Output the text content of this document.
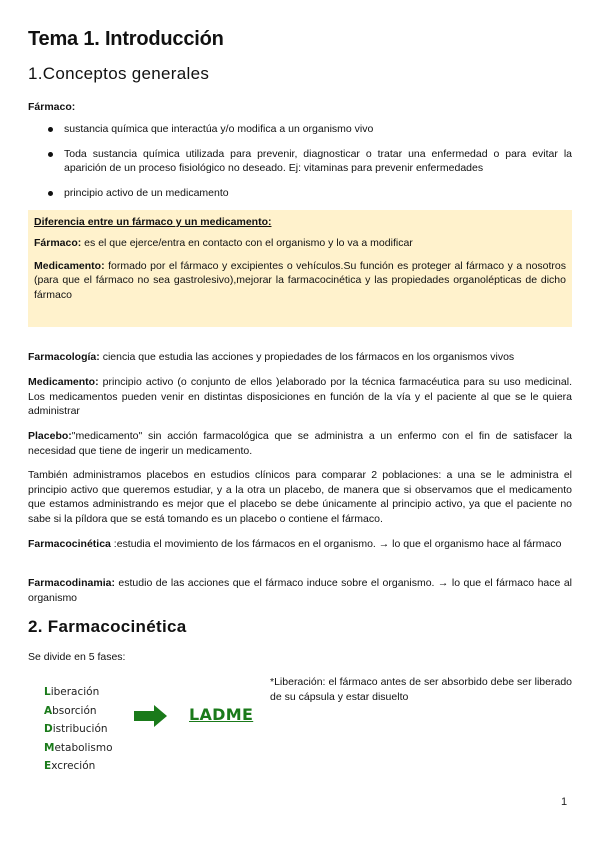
Tema 1. Introducción
1.Conceptos generales
Fármaco:
sustancia química que interactúa y/o modifica a un organismo vivo
Toda sustancia química utilizada para prevenir, diagnosticar o tratar una enfermedad o para evitar la aparición de un proceso fisiológico no deseado. Ej: vitaminas para prevenir enfermedades
principio activo de un medicamento
Diferencia entre un fármaco y un medicamento:
Fármaco: es el que ejerce/entra en contacto con el organismo y lo va a modificar
Medicamento: formado por el fármaco y excipientes o vehículos.Su función es proteger al fármaco y a nosotros (para que el fármaco no sea gastrolesivo),mejorar la farmacocinética y las propiedades organolépticas de dicho fármaco
Farmacología: ciencia que estudia las acciones y propiedades de los fármacos en los organismos vivos
Medicamento: principio activo (o conjunto de ellos )elaborado por la técnica farmacéutica para su uso medicinal. Los medicamentos pueden venir en distintas disposiciones en función de la vía y el paciente al que se le quiera administrar
Placebo:"medicamento" sin acción farmacológica que se administra a un enfermo con el fin de satisfacer la necesidad que tiene de ingerir un medicamento.
También administramos placebos en estudios clínicos para comparar 2 poblaciones: a una se le administra el principio activo que queremos estudiar, y a la otra un placebo, de manera que si observamos que el medicamento que estamos administrando es mejor que el placebo se debe únicamente al principio activo, ya que el paciente no sabe si la píldora que se está tomando es un placebo o contiene el fármaco.
Farmacocinética :estudia el movimiento de los fármacos en el organismo. → lo que el organismo hace al fármaco
Farmacodinamia: estudio de las acciones que el fármaco induce sobre el organismo. → lo que el fármaco hace al organismo
2. Farmacocinética
Se divide en 5 fases:
Liberación
Absorción
Distribución
Metabolismo
Excreción
LADME
*Liberación: el fármaco antes de ser absorbido debe ser liberado de su cápsula y estar disuelto
1
